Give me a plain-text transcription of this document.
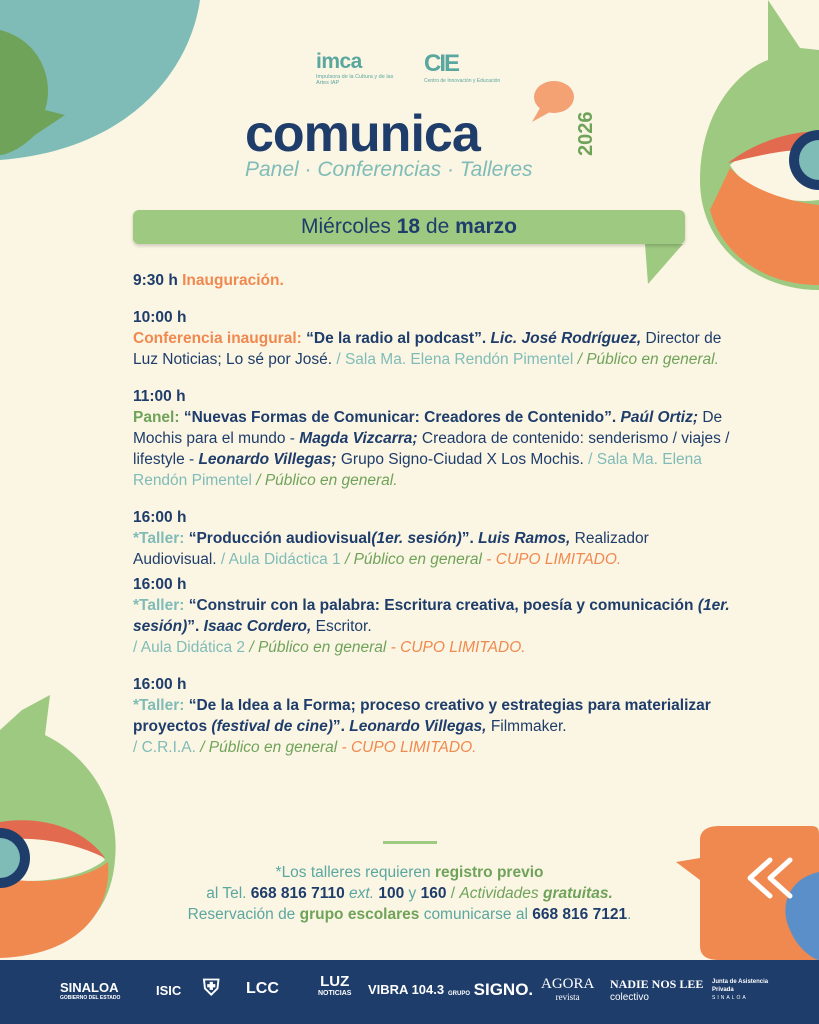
imca
Impulsora de la Cultura y de las Artes IAP
CIE
Centro de Innovación y Educación
comunica	2026
Panel · Conferencias · Talleres
Miércoles 18 de marzo
9:30 h Inauguración.
10:00 h
Conferencia inaugural: “De la radio al podcast”. Lic. José Rodríguez, Director de Luz Noticias; Lo sé por José. / Sala Ma. Elena Rendón Pimentel / Público en general.
11:00 h
Panel: “Nuevas Formas de Comunicar: Creadores de Contenido”. Paúl Ortiz; De Mochis para el mundo - Magda Vizcarra; Creadora de contenido: senderismo / viajes / lifestyle - Leonardo Villegas; Grupo Signo-Ciudad X Los Mochis. / Sala Ma. Elena Rendón Pimentel / Público en general.
16:00 h
*Taller: “Producción audiovisual(1er. sesión)”. Luis Ramos, Realizador Audiovisual. / Aula Didáctica 1 / Público en general - CUPO LIMITADO.
16:00 h
*Taller: “Construir con la palabra: Escritura creativa, poesía y comunicación (1er. sesión)”. Isaac Cordero, Escritor.
/ Aula Didática 2 / Público en general - CUPO LIMITADO.
16:00 h
*Taller: “De la Idea a la Forma; proceso creativo y estrategias para materializar proyectos (festival de cine)”. Leonardo Villegas, Filmmaker.
/ C.R.I.A. / Público en general - CUPO LIMITADO.
*Los talleres requieren registro previo
al Tel. 668 816 7110 ext. 100 y 160 / Actividades gratuitas.
Reservación de grupo escolares comunicarse al 668 816 7121.
SINALOA
GOBIERNO DEL ESTADO	ISIC ⛨ LCC	LUZ
NOTICIAS VIBRA 104.3 GRUPO SIGNO. AGORA
revista
NADIE NOS LEE
colectivo
Junta de Asistencia Privada
SINALOA
